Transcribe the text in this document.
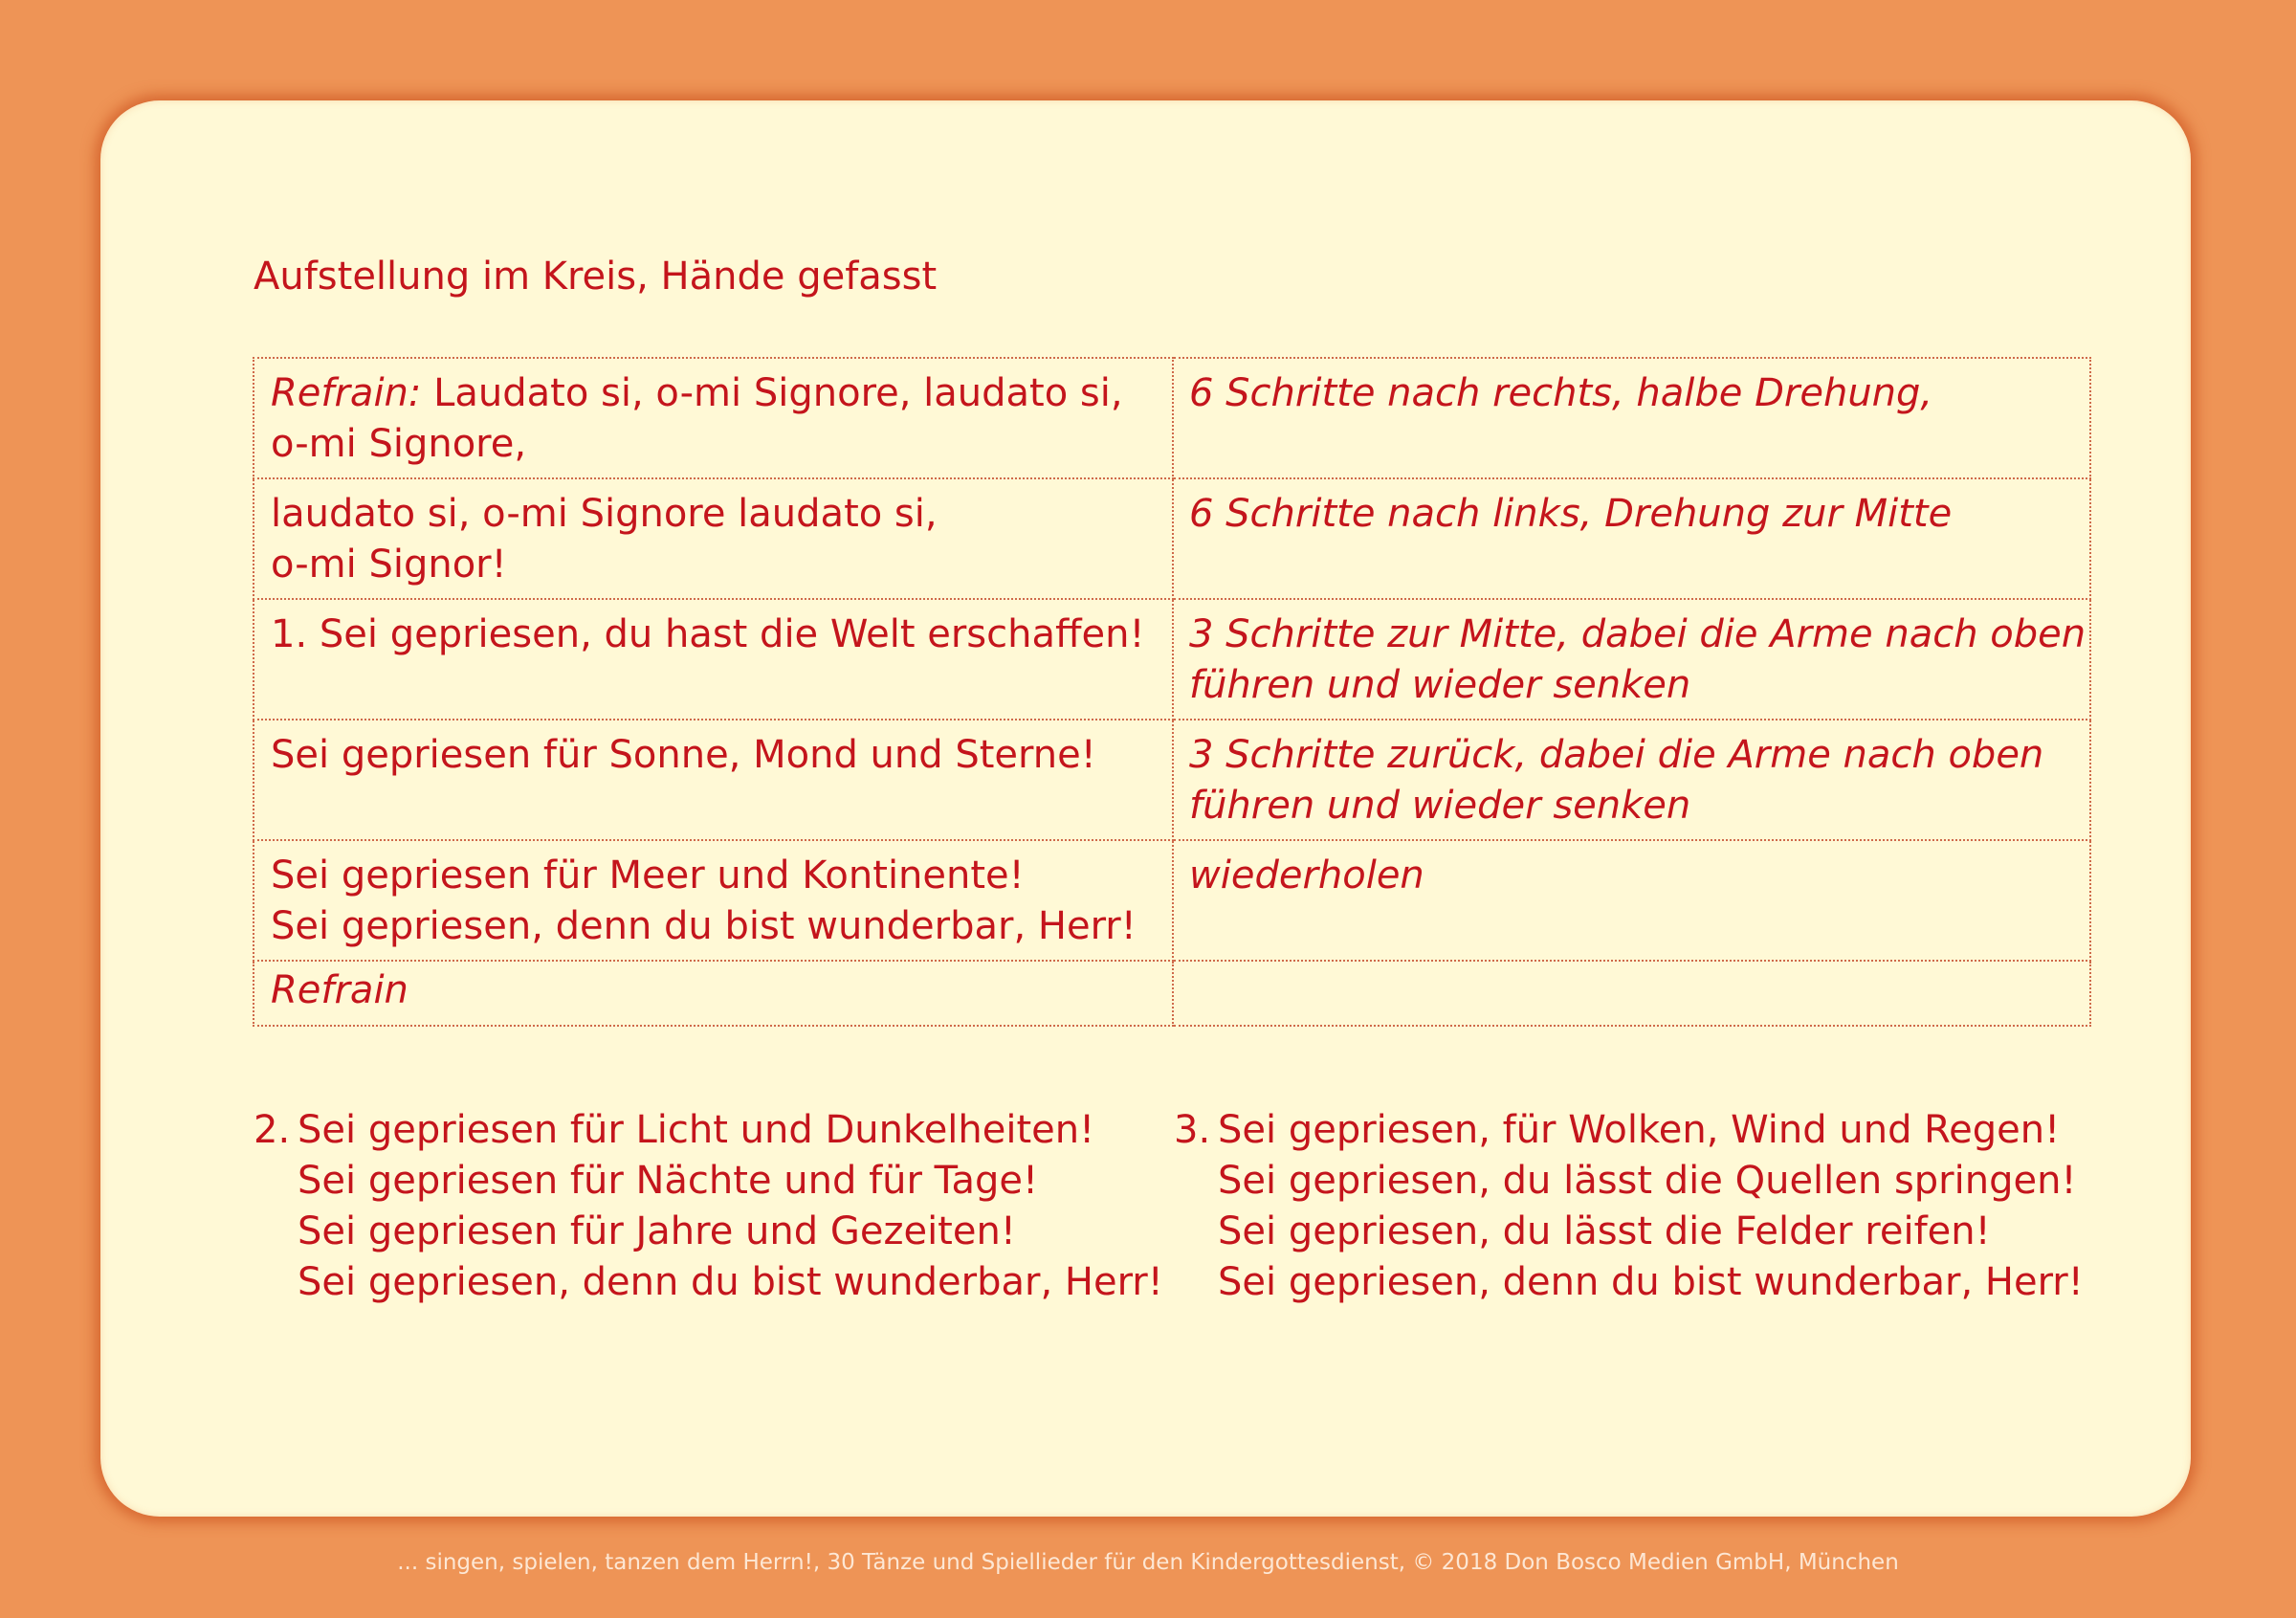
Aufstellung im Kreis, Hände gefasst
Refrain: Laudato si, o-mi Signore, laudato si,
o-mi Signore,	6 Schritte nach rechts, halbe Drehung,

laudato si, o-mi Signore laudato si,
o-mi Signor!	6 Schritte nach links, Drehung zur Mitte

1. Sei gepriesen, du hast die Welt erschaffen!	3 Schritte zur Mitte, dabei die Arme nach oben
führen und wieder senken

Sei gepriesen für Sonne, Mond und Sterne!	3 Schritte zurück, dabei die Arme nach oben
führen und wieder senken

Sei gepriesen für Meer und Kontinente!
Sei gepriesen, denn du bist wunderbar, Herr!	wiederholen

Refrain	

2. Sei gepriesen für Licht und Dunkelheiten!
Sei gepriesen für Nächte und für Tage!
Sei gepriesen für Jahre und Gezeiten!
Sei gepriesen, denn du bist wunderbar, Herr!
3. Sei gepriesen, für Wolken, Wind und Regen!
Sei gepriesen, du lässt die Quellen springen!
Sei gepriesen, du lässt die Felder reifen!
Sei gepriesen, denn du bist wunderbar, Herr!
... singen, spielen, tanzen dem Herrn!, 30 Tänze und Spiellieder für den Kindergottesdienst, © 2018 Don Bosco Medien GmbH, München
